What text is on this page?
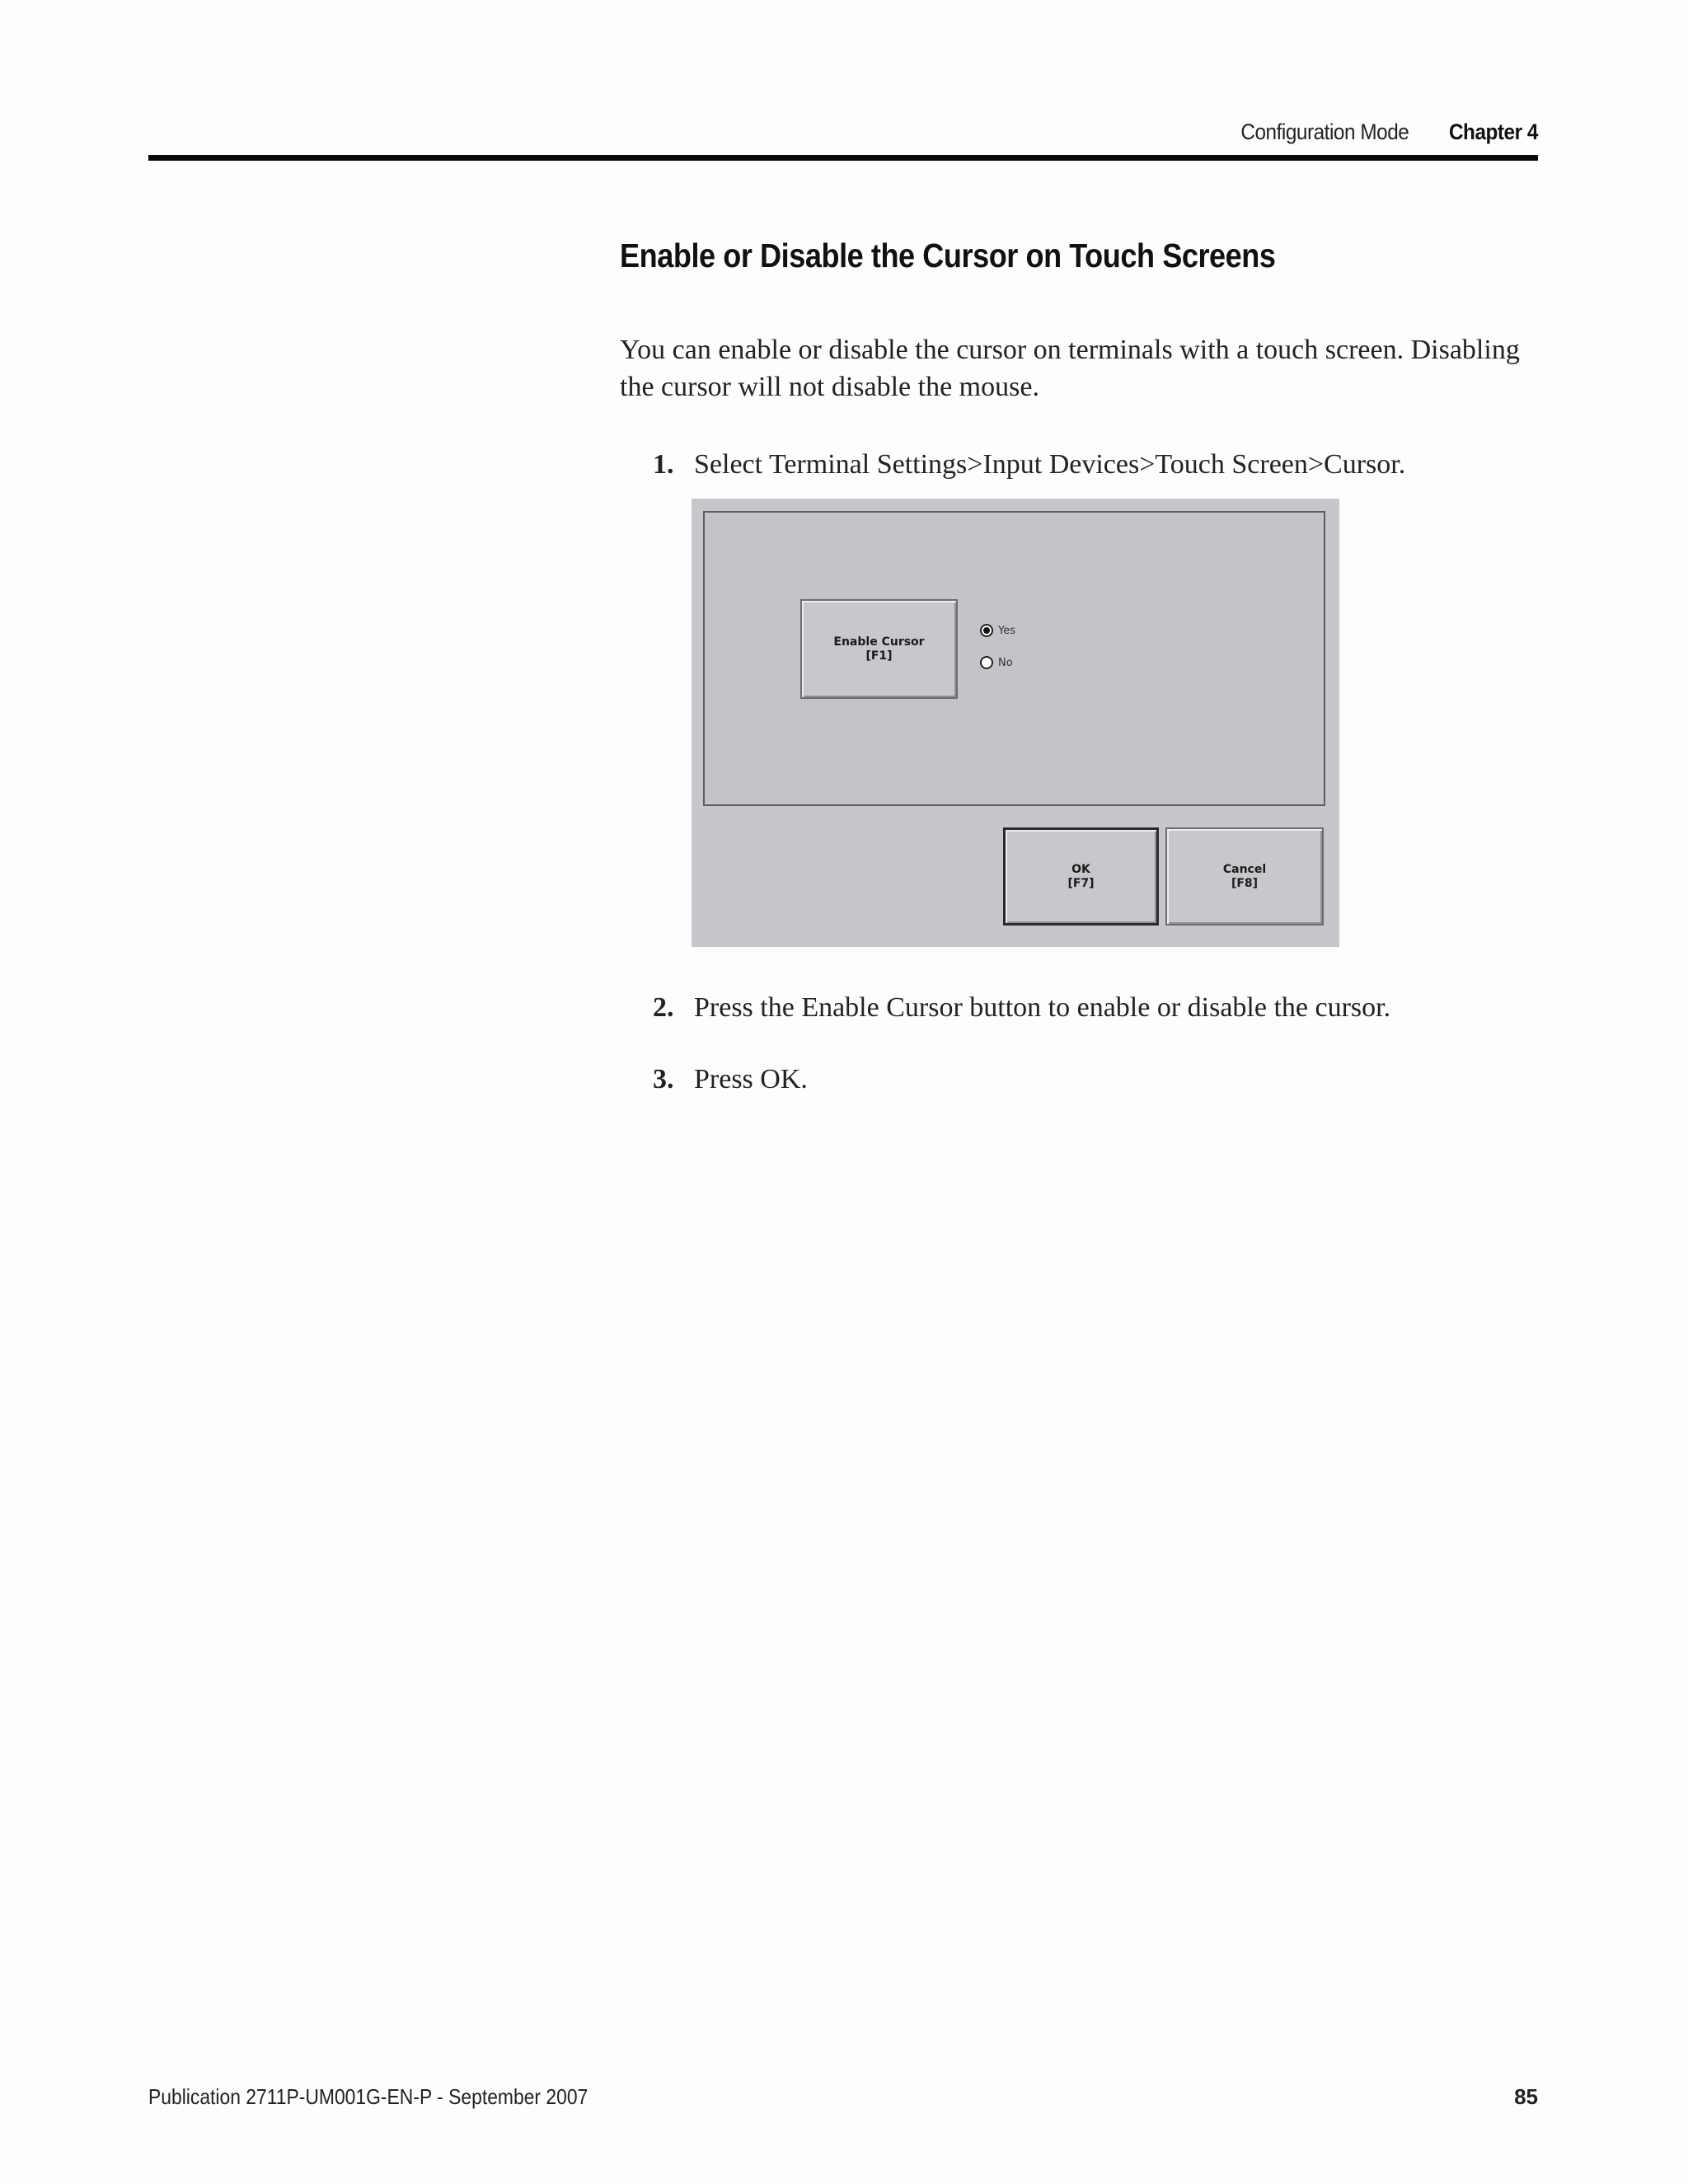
Configuration Mode Chapter 4
Enable or Disable the Cursor on Touch Screens

You can enable or disable the cursor on terminals with a touch screen. Disabling the cursor will not disable the mouse.

1. Select Terminal Settings>Input Devices>Touch Screen>Cursor.

Enable Cursor
[F1]
Yes
No
OK
[F7]
Cancel
[F8]

2. Press the Enable Cursor button to enable or disable the cursor.

3. Press OK.

Publication 2711P-UM001G-EN-P - September 2007	85
